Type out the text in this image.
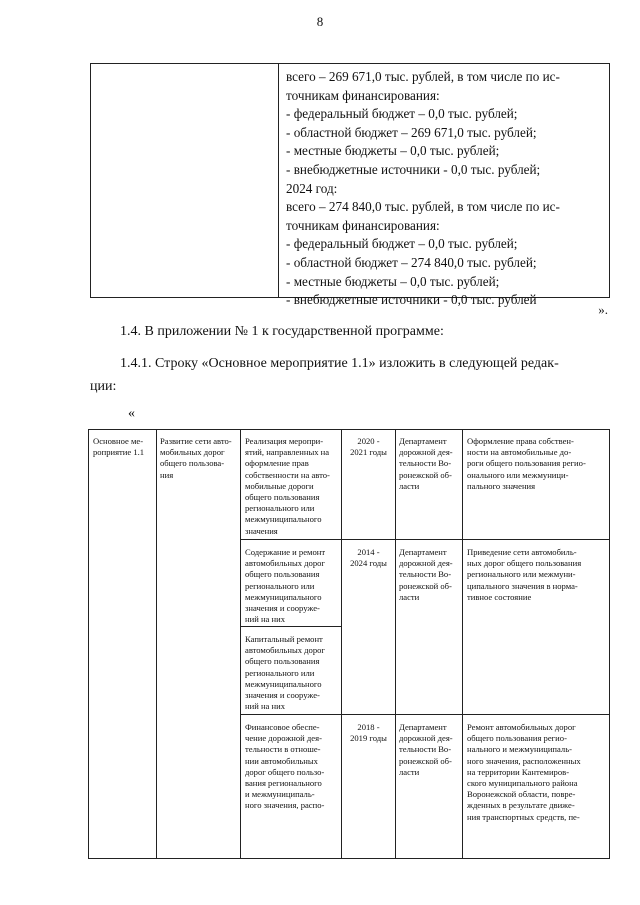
8
всего – 269 671,0 тыс. рублей, в том числе по ис-
точникам финансирования:
- федеральный бюджет – 0,0 тыс. рублей;
- областной бюджет – 269 671,0 тыс. рублей;
- местные бюджеты – 0,0 тыс. рублей;
- внебюджетные источники - 0,0 тыс. рублей;
2024 год:
всего – 274 840,0 тыс. рублей, в том числе по ис-
точникам финансирования:
- федеральный бюджет – 0,0 тыс. рублей;
- областной бюджет – 274 840,0 тыс. рублей;
- местные бюджеты – 0,0 тыс. рублей;
- внебюджетные источники - 0,0 тыс. рублей
».
1.4. В приложении № 1 к государственной программе:
1.4.1. Строку «Основное мероприятие 1.1» изложить в следующей редак-
ции:
«
Основное ме-
роприятие 1.1
Развитие сети авто-
мобильных дорог
общего пользова-
ния
Реализация меропри-
ятий, направленных на
оформление прав
собственности на авто-
мобильные дороги
общего пользования
регионального или
межмуниципального
значения
2020 -
2021 годы
Департамент
дорожной дея-
тельности Во-
ронежской об-
ласти
Оформление права собствен-
ности на автомобильные до-
роги общего пользования регио-
онального или межмуници-
пального значения
Содержание и ремонт
автомобильных дорог
общего пользования
регионального или
межмуниципального
значения и сооруже-
ний на них
2014 -
2024 годы
Департамент
дорожной дея-
тельности Во-
ронежской об-
ласти
Приведение сети автомобиль-
ных дорог общего пользования
регионального или межмуни-
ципального значения в норма-
тивное состояние
Капитальный ремонт
автомобильных дорог
общего пользования
регионального или
межмуниципального
значения и сооруже-
ний на них
Финансовое обеспе-
чение дорожной дея-
тельности в отноше-
нии автомобильных
дорог общего пользо-
вания регионального
и межмуниципаль-
ного значения, распо-
2018 -
2019 годы
Департамент
дорожной дея-
тельности Во-
ронежской об-
ласти
Ремонт автомобильных дорог
общего пользования регио-
нального и межмуниципаль-
ного значения, расположенных
на территории Кантемиров-
ского муниципального района
Воронежской области, повре-
жденных в результате движе-
ния транспортных средств, пе-
